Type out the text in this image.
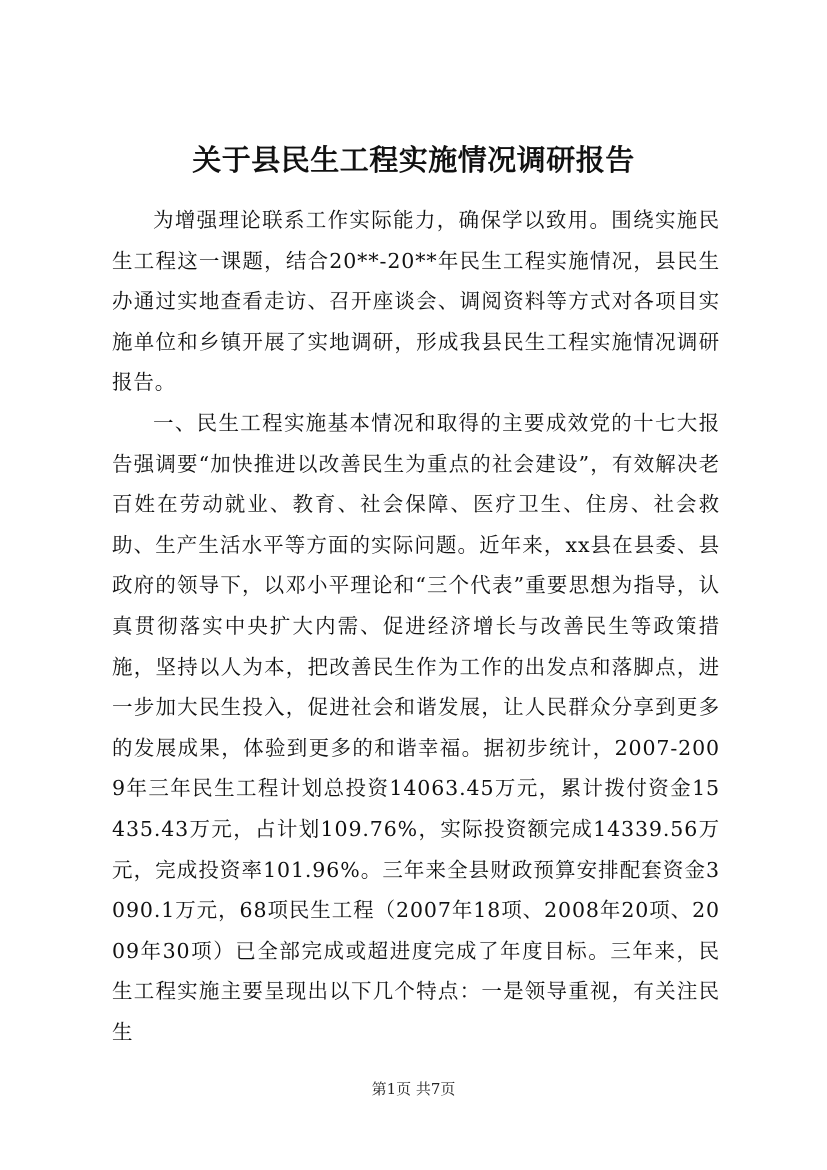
关于县民生工程实施情况调研报告

为增强理论联系工作实际能力，确保学以致用。围绕实施民生工程这一课题，结合20**-20**年民生工程实施情况，县民生办通过实地查看走访、召开座谈会、调阅资料等方式对各项目实施单位和乡镇开展了实地调研，形成我县民生工程实施情况调研报告。

一、民生工程实施基本情况和取得的主要成效党的十七大报告强调要“加快推进以改善民生为重点的社会建设”，有效解决老百姓在劳动就业、教育、社会保障、医疗卫生、住房、社会救助、生产生活水平等方面的实际问题。近年来，xx县在县委、县政府的领导下，以邓小平理论和“三个代表”重要思想为指导，认真贯彻落实中央扩大内需、促进经济增长与改善民生等政策措施，坚持以人为本，把改善民生作为工作的出发点和落脚点，进一步加大民生投入，促进社会和谐发展，让人民群众分享到更多的发展成果，体验到更多的和谐幸福。据初步统计，2007-2009年三年民生工程计划总投资14063.45万元，累计拨付资金15435.43万元，占计划109.76%，实际投资额完成14339.56万元，完成投资率101.96%。三年来全县财政预算安排配套资金3090.1万元，68项民生工程（2007年18项、2008年20项、2009年30项）已全部完成或超进度完成了年度目标。三年来，民生工程实施主要呈现出以下几个特点：一是领导重视，有关注民生

第1页 共7页
